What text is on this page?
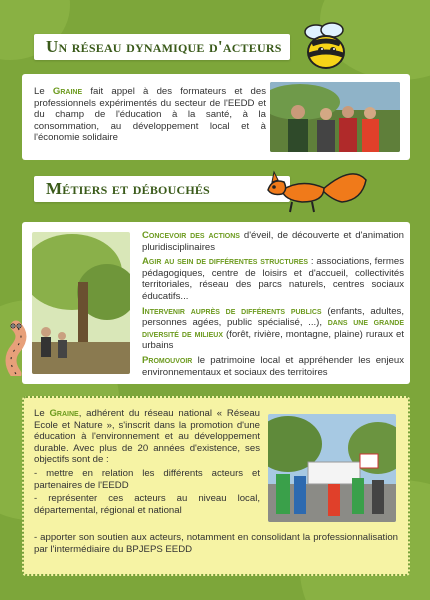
Un réseau dynamique d'acteurs
Le Graine fait appel à des formateurs et des professionnels expérimentés du secteur de l'EEDD et du champ de l'éducation à la santé, à la consommation, au développement local et à l'économie solidaire
Métiers et débouchés

Concevoir des actions d'éveil, de découverte et d'animation pluridisciplinaires

Agir au sein de différentes structures : associations, fermes pédagogiques, centre de loisirs et d'accueil, collectivités territoriales, réseau des parcs naturels, centres sociaux éducatifs...

Intervenir auprès de différents publics (enfants, adultes, personnes agées, public spécialisé, ...), dans une grande diversité de milieux (forêt, rivière, montagne, plaine) ruraux et urbains

Promouvoir le patrimoine local et appréhender les enjeux environnementaux et sociaux des territoires

Le Graine, adhérent du réseau national « Réseau Ecole et Nature », s'inscrit dans la promotion d'une éducation à l'environnement et au développement durable. Avec plus de 20 années d'existence, ses objectifs sont de :
- mettre en relation les différents acteurs et partenaires de l'EEDD
- représenter ces acteurs au niveau local, départemental, régional et national
- apporter son soutien aux acteurs, notamment en consolidant la professionnalisation par l'intermédiaire du BPJEPS EEDD
